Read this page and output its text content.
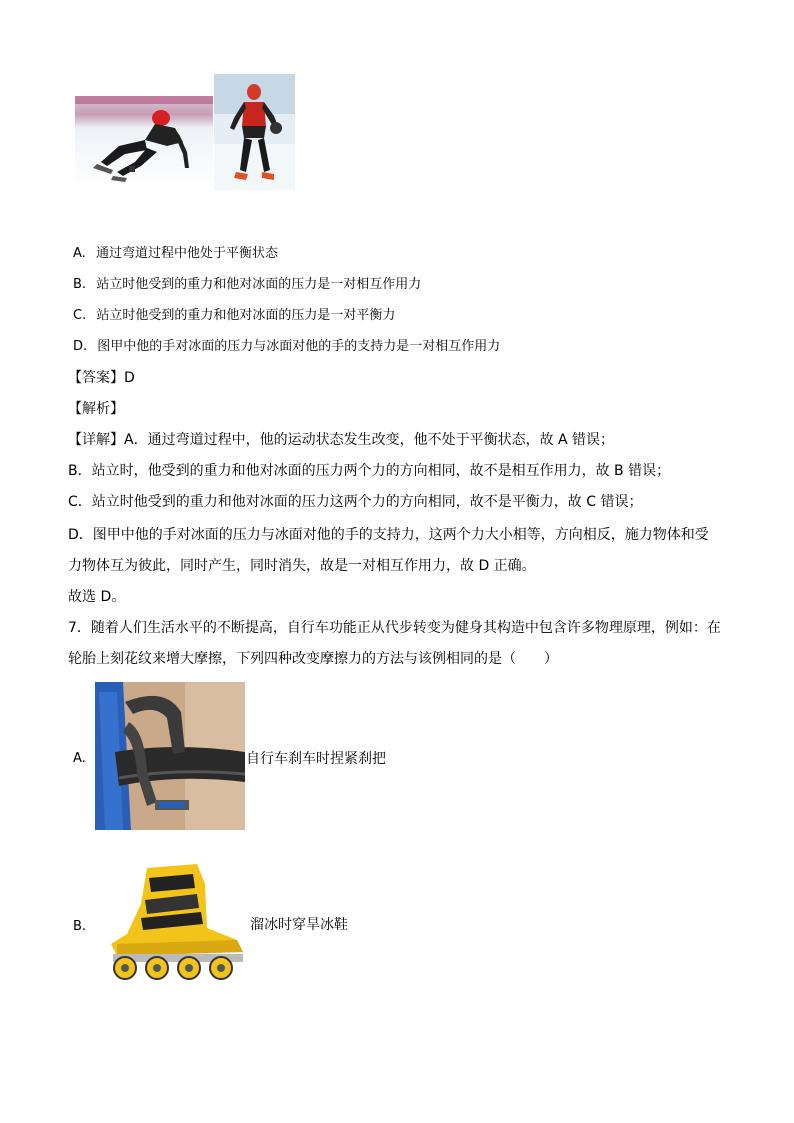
A. 通过弯道过程中他处于平衡状态
B. 站立时他受到的重力和他对冰面的压力是一对相互作用力
C. 站立时他受到的重力和他对冰面的压力是一对平衡力
D. 图甲中他的手对冰面的压力与冰面对他的手的支持力是一对相互作用力
【答案】D
【解析】
【详解】A．通过弯道过程中，他的运动状态发生改变，他不处于平衡状态，故 A 错误；
B．站立时，他受到的重力和他对冰面的压力两个力的方向相同，故不是相互作用力，故 B 错误；
C．站立时他受到的重力和他对冰面的压力这两个力的方向相同，故不是平衡力，故 C 错误；
D．图甲中他的手对冰面的压力与冰面对他的手的支持力，这两个力大小相等，方向相反，施力物体和受
力物体互为彼此，同时产生，同时消失，故是一对相互作用力，故 D 正确。
故选 D。
7．随着人们生活水平的不断提高，自行车功能正从代步转变为健身其构造中包含许多物理原理，例如：在
轮胎上刻花纹来增大摩擦，下列四种改变摩擦力的方法与该例相同的是（　　）
A.	自行车刹车时捏紧刹把
B.	溜冰时穿旱冰鞋
